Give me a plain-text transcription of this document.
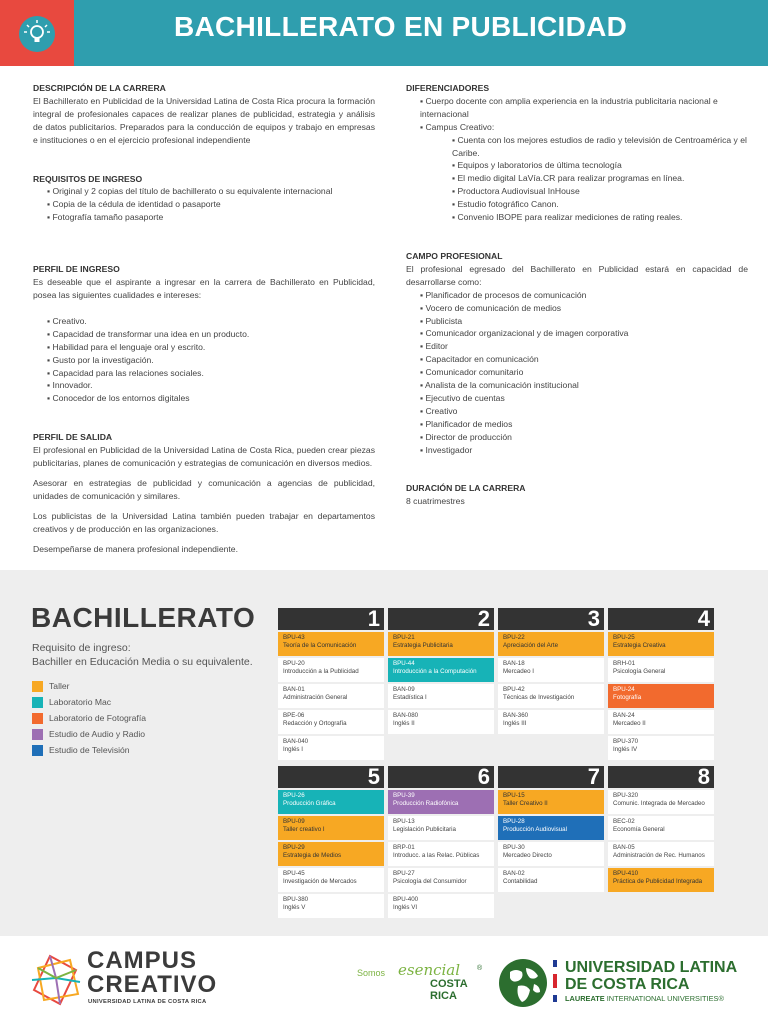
BACHILLERATO EN PUBLICIDAD

DESCRIPCIÓN DE LA CARRERA

El Bachillerato en Publicidad de la Universidad Latina de Costa Rica procura la formación integral de profesionales capaces de realizar planes de publicidad, estrategia y análisis de datos publicitarios. Preparados para la conducción de equipos y trabajo en empresas e instituciones o en el ejercicio profesional independiente

REQUISITOS DE INGRESO

▪ Original y 2 copias del título de bachillerato o su equivalente internacional

▪ Copia de la cédula de identidad o pasaporte

▪ Fotografía tamaño pasaporte

PERFIL DE INGRESO

Es deseable que el aspirante a ingresar en la carrera de Bachillerato en Publicidad, posea las siguientes cualidades e intereses:

▪ Creativo.

▪ Capacidad de transformar una idea en un producto.

▪ Habilidad para el lenguaje oral y escrito.

▪ Gusto por la investigación.

▪ Capacidad para las relaciones sociales.

▪ Innovador.

▪ Conocedor de los entornos digitales

PERFIL DE SALIDA

El profesional en Publicidad de la Universidad Latina de Costa Rica, pueden crear piezas publicitarias, planes de comunicación y estrategias de comunicación en diversos medios.

Asesorar en estrategias de publicidad y comunicación a agencias de publicidad, unidades de comunicación y similares.

Los publicistas de la Universidad Latina también pueden trabajar en departamentos creativos y de producción en las organizaciones.

Desempeñarse de manera profesional independiente.

DIFERENCIADORES

▪ Cuerpo docente con amplia experiencia en la industria publicitaria nacional e internacional

▪ Campus Creativo:

▪ Cuenta con los mejores estudios de radio y televisión de Centroamérica y el Caribe.

▪ Equipos y laboratorios de última tecnología

▪ El medio digital LaVía.CR para realizar programas en línea.

▪ Productora Audiovisual InHouse

▪ Estudio fotográfico Canon.

▪ Convenio IBOPE para realizar mediciones de rating reales.

CAMPO PROFESIONAL

El profesional egresado del Bachillerato en Publicidad estará en capacidad de desarrollarse como:

▪ Planificador de procesos de comunicación

▪ Vocero de comunicación de medios

▪ Publicista

▪ Comunicador organizacional y de imagen corporativa

▪ Editor

▪ Capacitador en comunicación

▪ Comunicador comunitario

▪ Analista de la comunicación institucional

▪ Ejecutivo de cuentas

▪ Creativo

▪ Planificador de medios

▪ Director de producción

▪ Investigador

DURACIÓN DE LA CARRERA

8 cuatrimestres

BACHILLERATO

Requisito de ingreso:
Bachiller en Educación Media o su equivalente.
Taller
Laboratorio Mac
Laboratorio de Fotografía
Estudio de Audio y Radio
Estudio de Televisión
1
BPU-43
Teoría de la Comunicación
BPU-20
Introducción a la Publicidad
BAN-01
Administración General
BPE-06
Redacción y Ortografía
BAN-040
Inglés I
2
BPU-21
Estrategia Publicitaria
BPU-44
Introducción a la Computación
BAN-09
Estadística I
BAN-080
Inglés II
3
BPU-22
Apreciación del Arte
BAN-18
Mercadeo I
BPU-42
Técnicas de Investigación
BAN-360
Inglés III
4
BPU-25
Estrategia Creativa
BRH-01
Psicología General
BPU-24
Fotografía
BAN-24
Mercadeo II
BPU-370
Inglés IV
5
BPU-26
Producción Gráfica
BPU-09
Taller creativo I
BPU-29
Estrategia de Medios
BPU-45
Investigación de Mercados
BPU-380
Inglés V
6
BPU-39
Producción Radiofónica
BPU-13
Legislación Publicitaria
BRP-01
Introducc. a las Relac. Públicas
BPU-27
Psicología del Consumidor
BPU-400
Inglés VI
7
BPU-15
Taller Creativo II
BPU-28
Producción Audiovisual
BPU-30
Mercadeo Directo
BAN-02
Contabilidad
8
BPU-320
Comunic. Integrada de Mercadeo
BEC-02
Economía General
BAN-05
Administración de Rec. Humanos
BPU-410
Práctica de Publicidad Integrada
CAMPUS
CREATIVO
UNIVERSIDAD LATINA DE COSTA RICA
Somos esencial ®
COSTA
RICA
UNIVERSIDAD LATINA
DE COSTA RICA
LAUREATE INTERNATIONAL UNIVERSITIES®
